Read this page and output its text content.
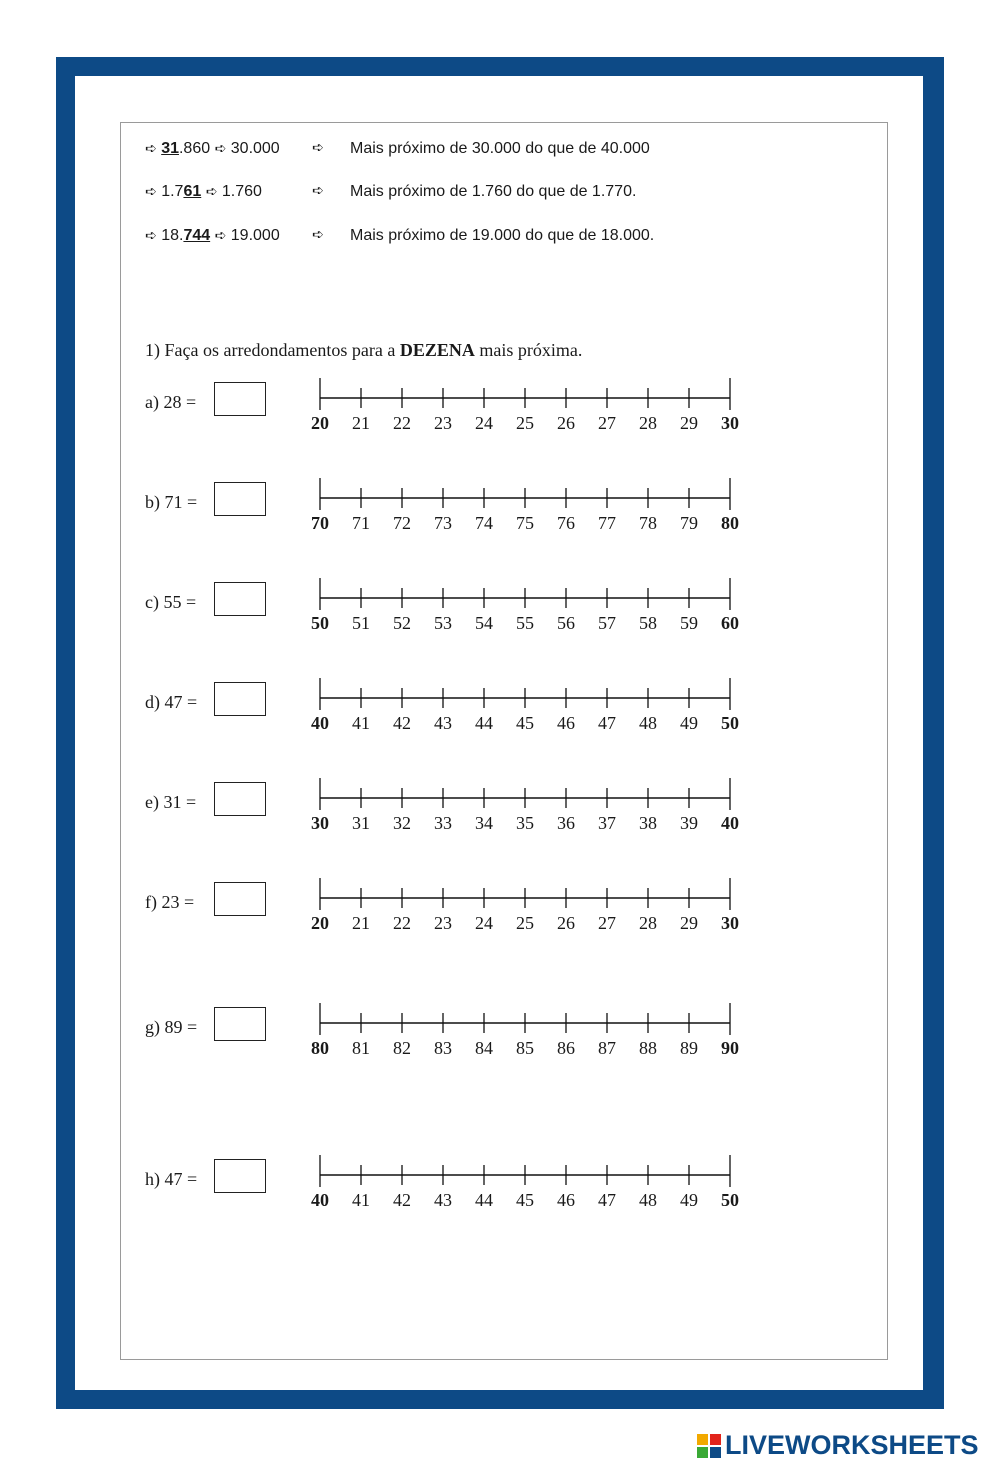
➪ 31.860 ➪ 30.000 ➪ Mais próximo de 30.000 do que de 40.000
➪ 1.761 ➪ 1.760	➪ Mais próximo de 1.760 do que de 1.770.
➪ 18.744 ➪ 19.000 ➪ Mais próximo de 19.000 do que de 18.000.
1) Faça os arredondamentos para a DEZENA mais próxima.
a) 28 =
20 21 22 23 24 25 26 27 28 29 30
b) 71 =
70 71 72 73 74 75 76 77 78 79 80
c) 55 =
50 51 52 53 54 55 56 57 58 59 60
d) 47 =
40 41 42 43 44 45 46 47 48 49 50
e) 31 =
30 31 32 33 34 35 36 37 38 39 40
f) 23 =
20 21 22 23 24 25 26 27 28 29 30
g) 89 =
80 81 82 83 84 85 86 87 88 89 90
h) 47 =
40 41 42 43 44 45 46 47 48 49 50
LIVEWORKSHEETS
